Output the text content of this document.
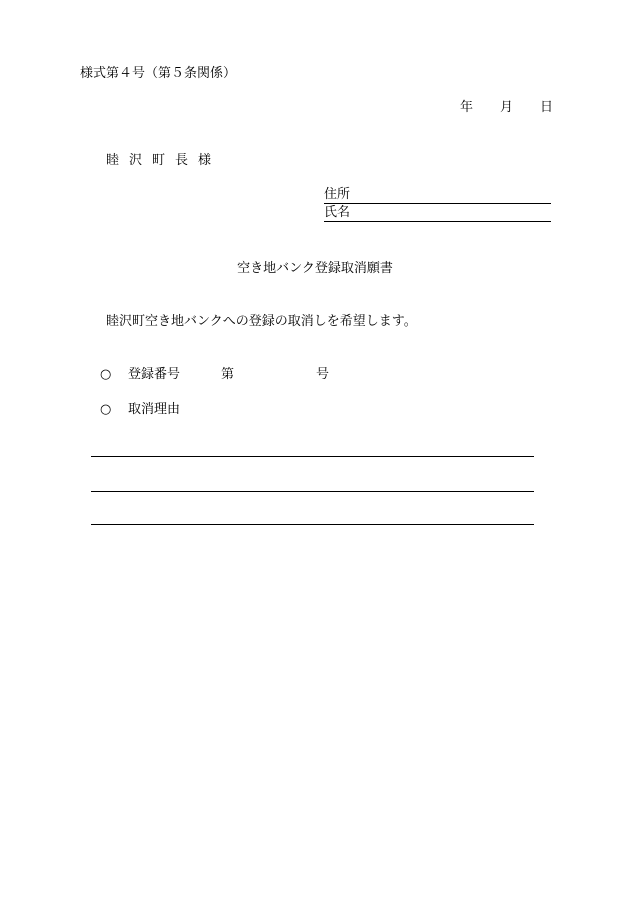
様式第４号（第５条関係）
年 月 日
睦沢町長様
住所
氏名
空き地バンク登録取消願書
睦沢町空き地バンクへの登録の取消しを希望します。
○ 登録番号	第	号
○ 取消理由
